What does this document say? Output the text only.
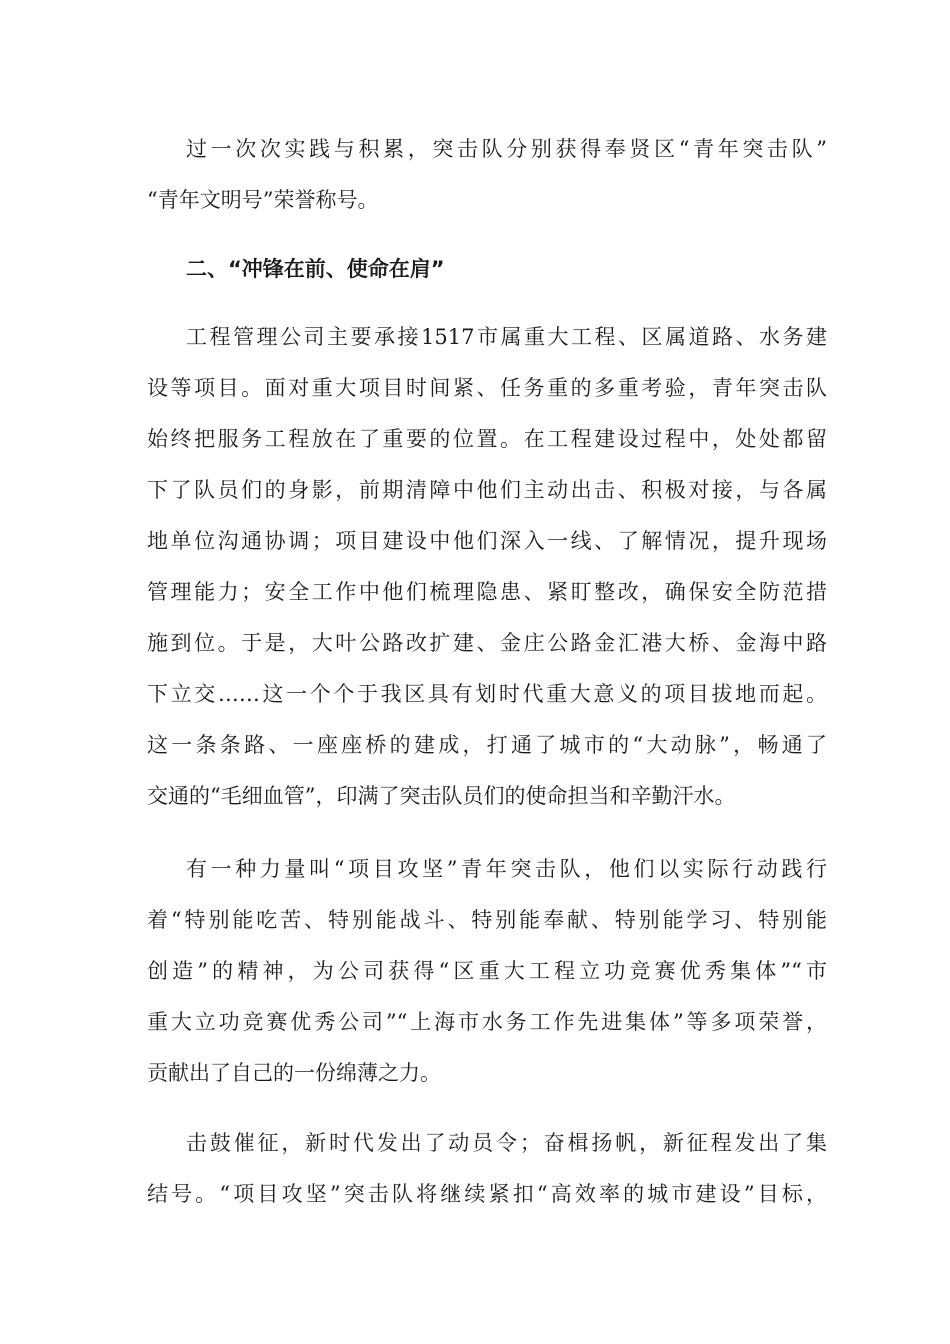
过一次次实践与积累，突击队分别获得奉贤区“青年突击队”
“青年文明号”荣誉称号。
二、“冲锋在前、使命在肩”
工程管理公司主要承接1517市属重大工程、区属道路、水务建
设等项目。面对重大项目时间紧、任务重的多重考验，青年突击队
始终把服务工程放在了重要的位置。在工程建设过程中，处处都留
下了队员们的身影，前期清障中他们主动出击、积极对接，与各属
地单位沟通协调；项目建设中他们深入一线、了解情况，提升现场
管理能力；安全工作中他们梳理隐患、紧盯整改，确保安全防范措
施到位。于是，大叶公路改扩建、金庄公路金汇港大桥、金海中路
下立交……这一个个于我区具有划时代重大意义的项目拔地而起。
这一条条路、一座座桥的建成，打通了城市的“大动脉”，畅通了
交通的“毛细血管”，印满了突击队员们的使命担当和辛勤汗水。
有一种力量叫“项目攻坚”青年突击队，他们以实际行动践行
着“特别能吃苦、特别能战斗、特别能奉献、特别能学习、特别能
创造”的精神，为公司获得“区重大工程立功竞赛优秀集体”“市
重大立功竞赛优秀公司”“上海市水务工作先进集体”等多项荣誉，
贡献出了自己的一份绵薄之力。
击鼓催征，新时代发出了动员令；奋楫扬帆，新征程发出了集
结号。“项目攻坚”突击队将继续紧扣“高效率的城市建设”目标，
